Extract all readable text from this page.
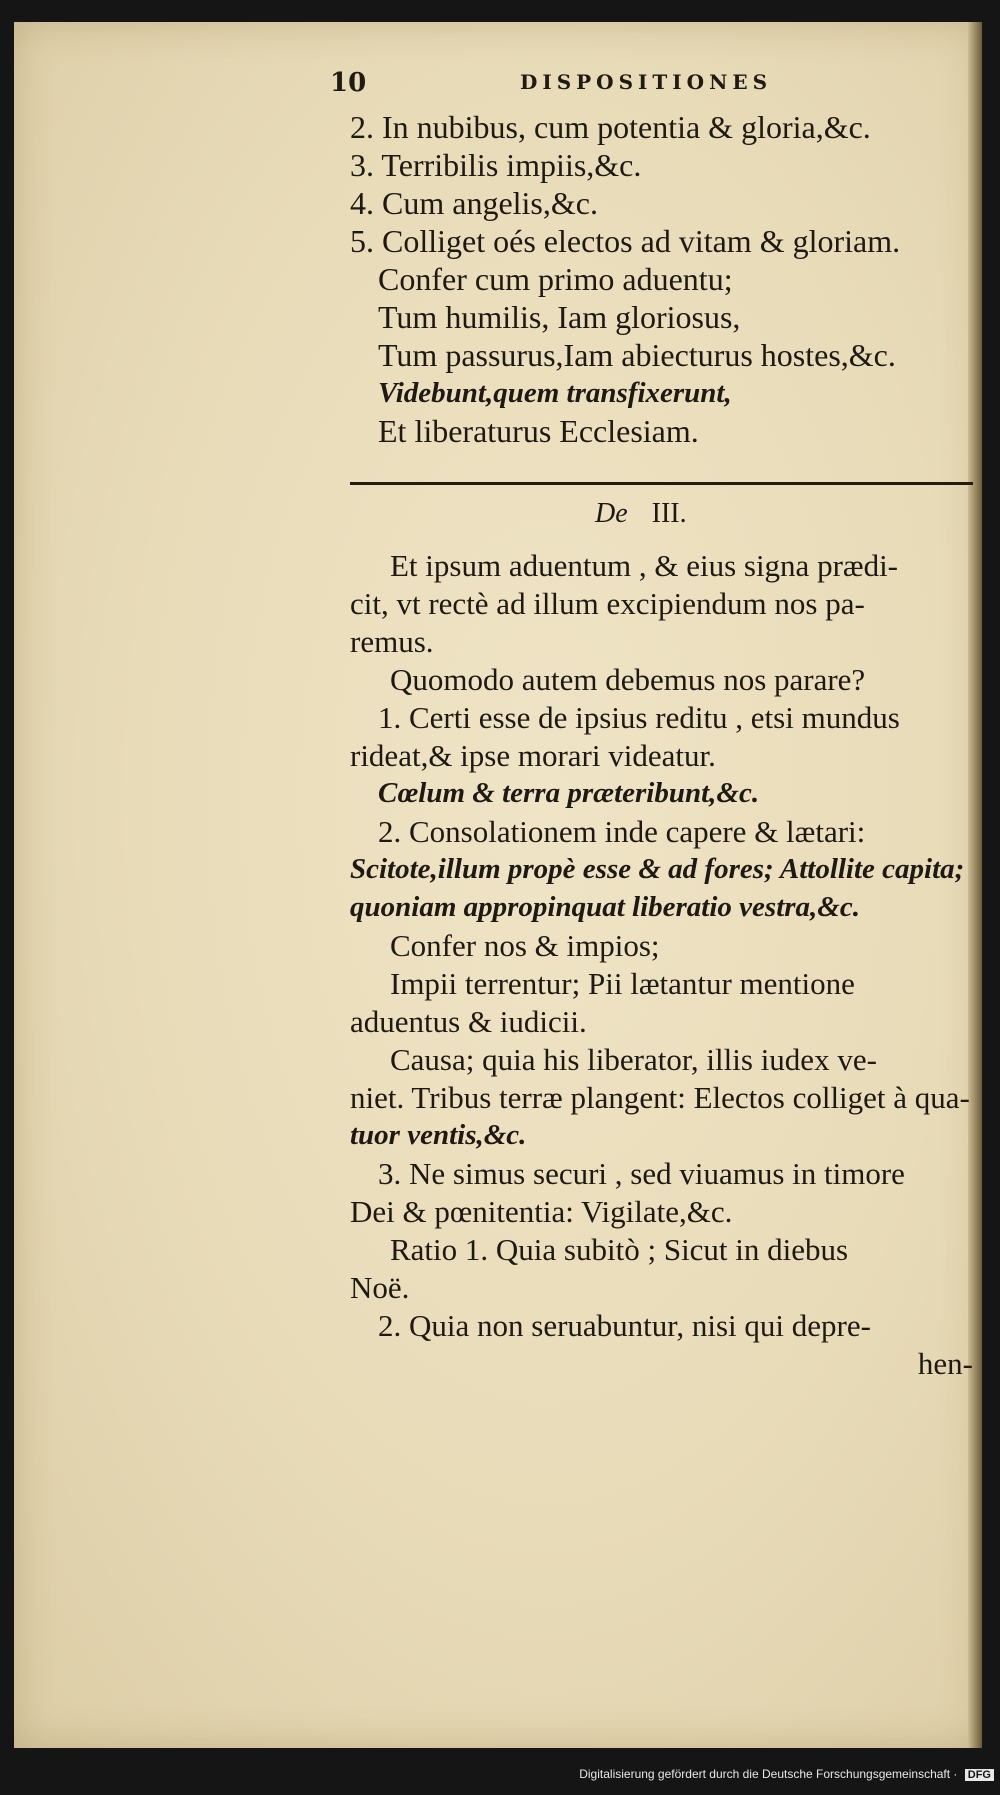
10	DISPOSITIONES
2. In nubibus, cum potentia & gloria,&c.
3. Terribilis impiis,&c.
4. Cum angelis,&c.
5. Colliget oés electos ad vitam & gloriam.
Confer cum primo aduentu;
Tum humilis, Iam gloriosus,
Tum passurus,Iam abiecturus hostes,&c.
Videbunt,quem transfixerunt,
Et liberaturus Ecclesiam.
De III.
Et ipsum aduentum , & eius signa prædi-
cit, vt rectè ad illum excipiendum nos pa-
remus.
Quomodo autem debemus nos parare?
1. Certi esse de ipsius reditu , etsi mundus
rideat,& ipse morari videatur.
Cœlum & terra præteribunt,&c.
2. Consolationem inde capere & lætari:
Scitote,illum propè esse & ad fores; Attollite capita;
quoniam appropinquat liberatio vestra,&c.
Confer nos & impios;
Impii terrentur; Pii lætantur mentione
aduentus & iudicii.
Causa; quia his liberator, illis iudex ve-
niet. Tribus terræ plangent: Electos colliget à qua-
tuor ventis,&c.
3. Ne simus securi , sed viuamus in timore
Dei & pœnitentia: Vigilate,&c.
Ratio 1. Quia subitò ; Sicut in diebus
Noë.
2. Quia non seruabuntur, nisi qui depre-
hen-
Digitalisierung gefördert durch die Deutsche Forschungsgemeinschaft · DFG
